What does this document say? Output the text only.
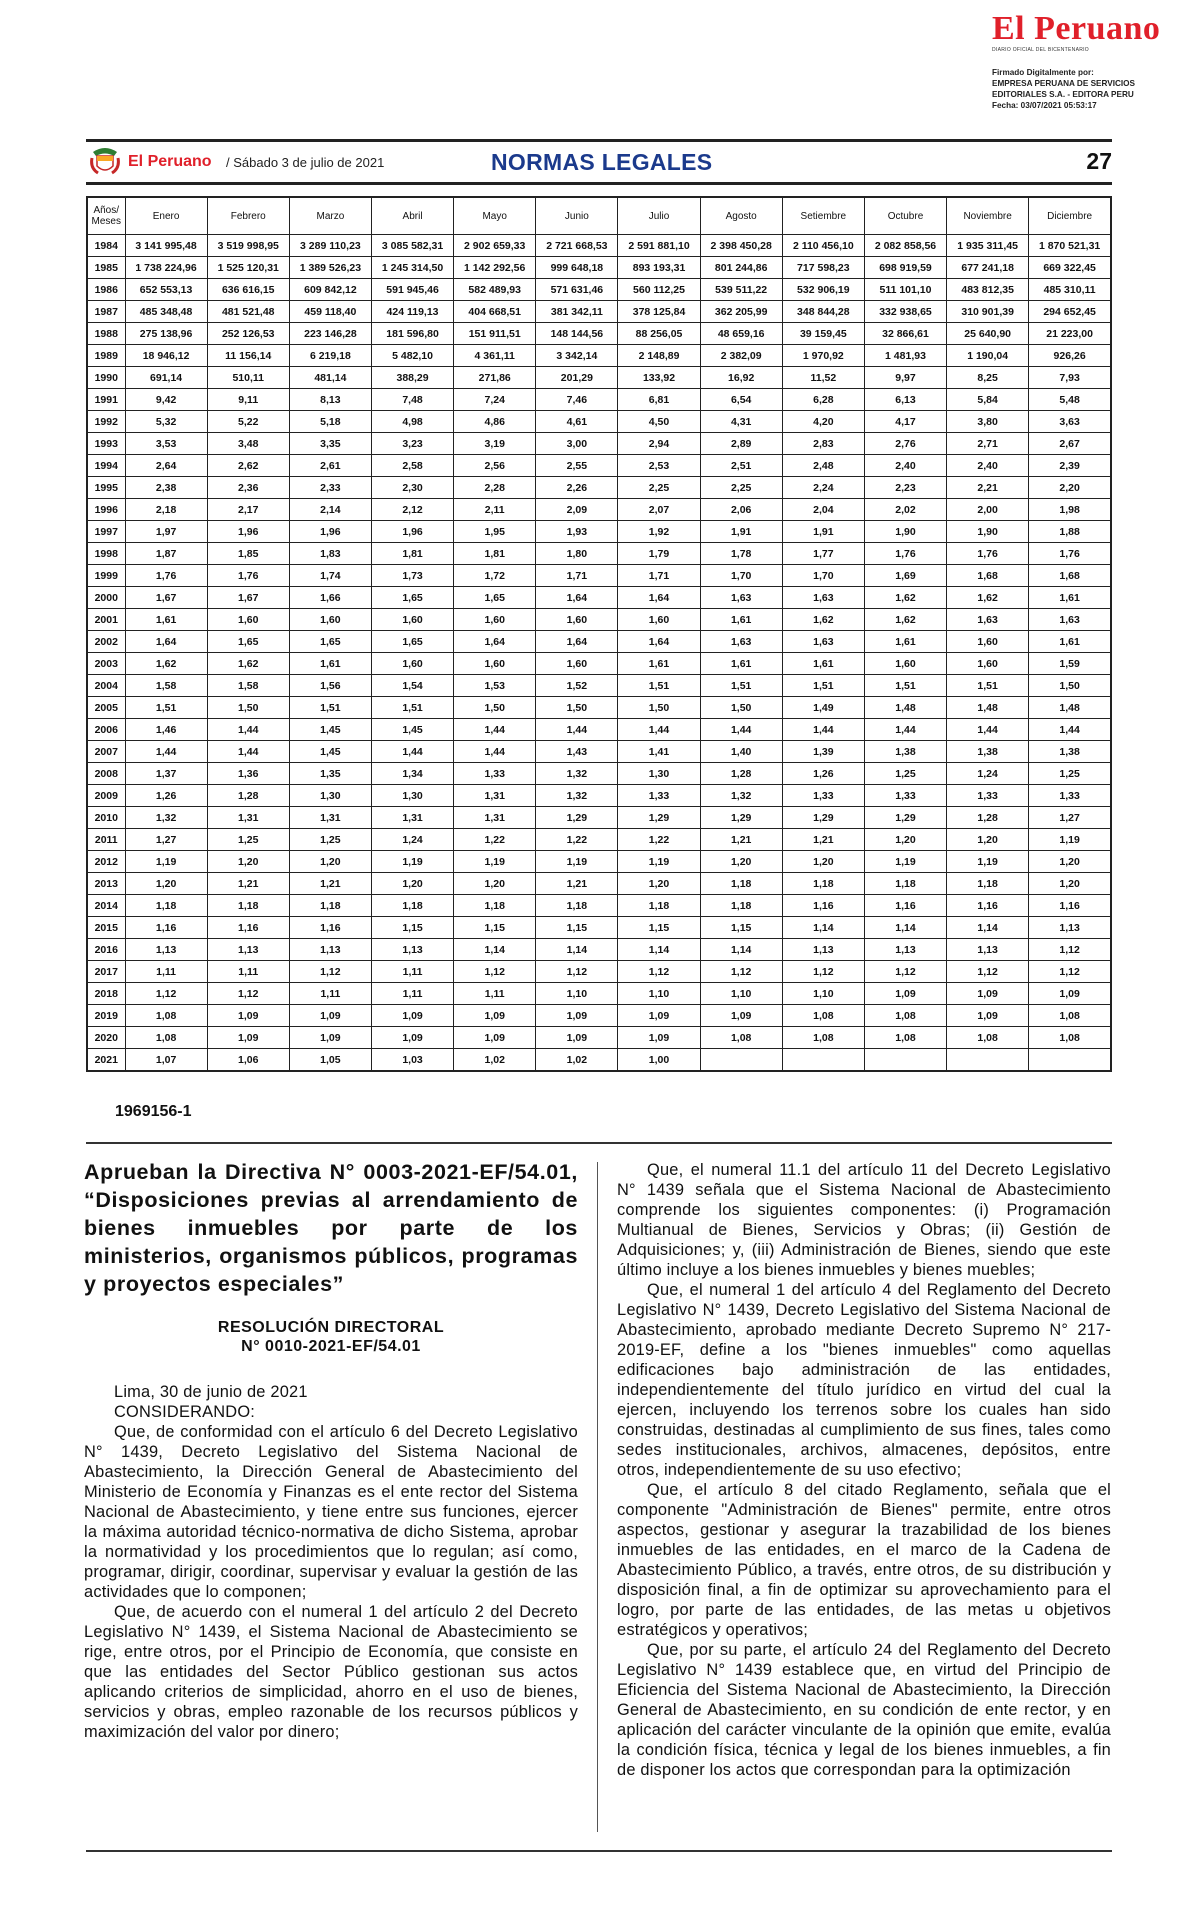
El Peruano
DIARIO OFICIAL DEL BICENTENARIO
Firmado Digitalmente por:
EMPRESA PERUANA DE SERVICIOS
EDITORIALES S.A. - EDITORA PERU
Fecha: 03/07/2021 05:53:17
El Peruano / Sábado 3 de julio de 2021	NORMAS LEGALES	27
Años/ Meses	Enero	Febrero	Marzo	Abril	Mayo	Junio	Julio	Agosto	Setiembre	Octubre	Noviembre	Diciembre
1984	3 141 995,48	3 519 998,95	3 289 110,23	3 085 582,31	2 902 659,33	2 721 668,53	2 591 881,10	2 398 450,28	2 110 456,10	2 082 858,56	1 935 311,45	1 870 521,31
1985	1 738 224,96	1 525 120,31	1 389 526,23	1 245 314,50	1 142 292,56	999 648,18	893 193,31	801 244,86	717 598,23	698 919,59	677 241,18	669 322,45
1986	652 553,13	636 616,15	609 842,12	591 945,46	582 489,93	571 631,46	560 112,25	539 511,22	532 906,19	511 101,10	483 812,35	485 310,11
1987	485 348,48	481 521,48	459 118,40	424 119,13	404 668,51	381 342,11	378 125,84	362 205,99	348 844,28	332 938,65	310 901,39	294 652,45
1988	275 138,96	252 126,53	223 146,28	181 596,80	151 911,51	148 144,56	88 256,05	48 659,16	39 159,45	32 866,61	25 640,90	21 223,00
1989	18 946,12	11 156,14	6 219,18	5 482,10	4 361,11	3 342,14	2 148,89	2 382,09	1 970,92	1 481,93	1 190,04	926,26
1990	691,14	510,11	481,14	388,29	271,86	201,29	133,92	16,92	11,52	9,97	8,25	7,93
1991	9,42	9,11	8,13	7,48	7,24	7,46	6,81	6,54	6,28	6,13	5,84	5,48
1992	5,32	5,22	5,18	4,98	4,86	4,61	4,50	4,31	4,20	4,17	3,80	3,63
1993	3,53	3,48	3,35	3,23	3,19	3,00	2,94	2,89	2,83	2,76	2,71	2,67
1994	2,64	2,62	2,61	2,58	2,56	2,55	2,53	2,51	2,48	2,40	2,40	2,39
1995	2,38	2,36	2,33	2,30	2,28	2,26	2,25	2,25	2,24	2,23	2,21	2,20
1996	2,18	2,17	2,14	2,12	2,11	2,09	2,07	2,06	2,04	2,02	2,00	1,98
1997	1,97	1,96	1,96	1,96	1,95	1,93	1,92	1,91	1,91	1,90	1,90	1,88
1998	1,87	1,85	1,83	1,81	1,81	1,80	1,79	1,78	1,77	1,76	1,76	1,76
1999	1,76	1,76	1,74	1,73	1,72	1,71	1,71	1,70	1,70	1,69	1,68	1,68
2000	1,67	1,67	1,66	1,65	1,65	1,64	1,64	1,63	1,63	1,62	1,62	1,61
2001	1,61	1,60	1,60	1,60	1,60	1,60	1,60	1,61	1,62	1,62	1,63	1,63
2002	1,64	1,65	1,65	1,65	1,64	1,64	1,64	1,63	1,63	1,61	1,60	1,61
2003	1,62	1,62	1,61	1,60	1,60	1,60	1,61	1,61	1,61	1,60	1,60	1,59
2004	1,58	1,58	1,56	1,54	1,53	1,52	1,51	1,51	1,51	1,51	1,51	1,50
2005	1,51	1,50	1,51	1,51	1,50	1,50	1,50	1,50	1,49	1,48	1,48	1,48
2006	1,46	1,44	1,45	1,45	1,44	1,44	1,44	1,44	1,44	1,44	1,44	1,44
2007	1,44	1,44	1,45	1,44	1,44	1,43	1,41	1,40	1,39	1,38	1,38	1,38
2008	1,37	1,36	1,35	1,34	1,33	1,32	1,30	1,28	1,26	1,25	1,24	1,25
2009	1,26	1,28	1,30	1,30	1,31	1,32	1,33	1,32	1,33	1,33	1,33	1,33
2010	1,32	1,31	1,31	1,31	1,31	1,29	1,29	1,29	1,29	1,29	1,28	1,27
2011	1,27	1,25	1,25	1,24	1,22	1,22	1,22	1,21	1,21	1,20	1,20	1,19
2012	1,19	1,20	1,20	1,19	1,19	1,19	1,19	1,20	1,20	1,19	1,19	1,20
2013	1,20	1,21	1,21	1,20	1,20	1,21	1,20	1,18	1,18	1,18	1,18	1,20
2014	1,18	1,18	1,18	1,18	1,18	1,18	1,18	1,18	1,16	1,16	1,16	1,16
2015	1,16	1,16	1,16	1,15	1,15	1,15	1,15	1,15	1,14	1,14	1,14	1,13
2016	1,13	1,13	1,13	1,13	1,14	1,14	1,14	1,14	1,13	1,13	1,13	1,12
2017	1,11	1,11	1,12	1,11	1,12	1,12	1,12	1,12	1,12	1,12	1,12	1,12
2018	1,12	1,12	1,11	1,11	1,11	1,10	1,10	1,10	1,10	1,09	1,09	1,09
2019	1,08	1,09	1,09	1,09	1,09	1,09	1,09	1,09	1,08	1,08	1,09	1,08
2020	1,08	1,09	1,09	1,09	1,09	1,09	1,09	1,08	1,08	1,08	1,08	1,08
2021	1,07	1,06	1,05	1,03	1,02	1,02	1,00					
1969156-1
Aprueban la Directiva N° 0003-2021-EF/54.01, “Disposiciones previas al arrendamiento de bienes inmuebles por parte de los ministerios, organismos públicos, programas y proyectos especiales”
RESOLUCIÓN DIRECTORAL
N° 0010-2021-EF/54.01

Lima, 30 de junio de 2021

CONSIDERANDO:

Que, de conformidad con el artículo 6 del Decreto Legislativo N° 1439, Decreto Legislativo del Sistema Nacional de Abastecimiento, la Dirección General de Abastecimiento del Ministerio de Economía y Finanzas es el ente rector del Sistema Nacional de Abastecimiento, y tiene entre sus funciones, ejercer la máxima autoridad técnico-normativa de dicho Sistema, aprobar la normatividad y los procedimientos que lo regulan; así como, programar, dirigir, coordinar, supervisar y evaluar la gestión de las actividades que lo componen;

Que, de acuerdo con el numeral 1 del artículo 2 del Decreto Legislativo N° 1439, el Sistema Nacional de Abastecimiento se rige, entre otros, por el Principio de Economía, que consiste en que las entidades del Sector Público gestionan sus actos aplicando criterios de simplicidad, ahorro en el uso de bienes, servicios y obras, empleo razonable de los recursos públicos y maximización del valor por dinero;

Que, el numeral 11.1 del artículo 11 del Decreto Legislativo N° 1439 señala que el Sistema Nacional de Abastecimiento comprende los siguientes componentes: (i) Programación Multianual de Bienes, Servicios y Obras; (ii) Gestión de Adquisiciones; y, (iii) Administración de Bienes, siendo que este último incluye a los bienes inmuebles y bienes muebles;

Que, el numeral 1 del artículo 4 del Reglamento del Decreto Legislativo N° 1439, Decreto Legislativo del Sistema Nacional de Abastecimiento, aprobado mediante Decreto Supremo N° 217-2019-EF, define a los "bienes inmuebles" como aquellas edificaciones bajo administración de las entidades, independientemente del título jurídico en virtud del cual la ejercen, incluyendo los terrenos sobre los cuales han sido construidas, destinadas al cumplimiento de sus fines, tales como sedes institucionales, archivos, almacenes, depósitos, entre otros, independientemente de su uso efectivo;

Que, el artículo 8 del citado Reglamento, señala que el componente "Administración de Bienes" permite, entre otros aspectos, gestionar y asegurar la trazabilidad de los bienes inmuebles de las entidades, en el marco de la Cadena de Abastecimiento Público, a través, entre otros, de su distribución y disposición final, a fin de optimizar su aprovechamiento para el logro, por parte de las entidades, de las metas u objetivos estratégicos y operativos;

Que, por su parte, el artículo 24 del Reglamento del Decreto Legislativo N° 1439 establece que, en virtud del Principio de Eficiencia del Sistema Nacional de Abastecimiento, la Dirección General de Abastecimiento, en su condición de ente rector, y en aplicación del carácter vinculante de la opinión que emite, evalúa la condición física, técnica y legal de los bienes inmuebles, a fin de disponer los actos que correspondan para la optimización
